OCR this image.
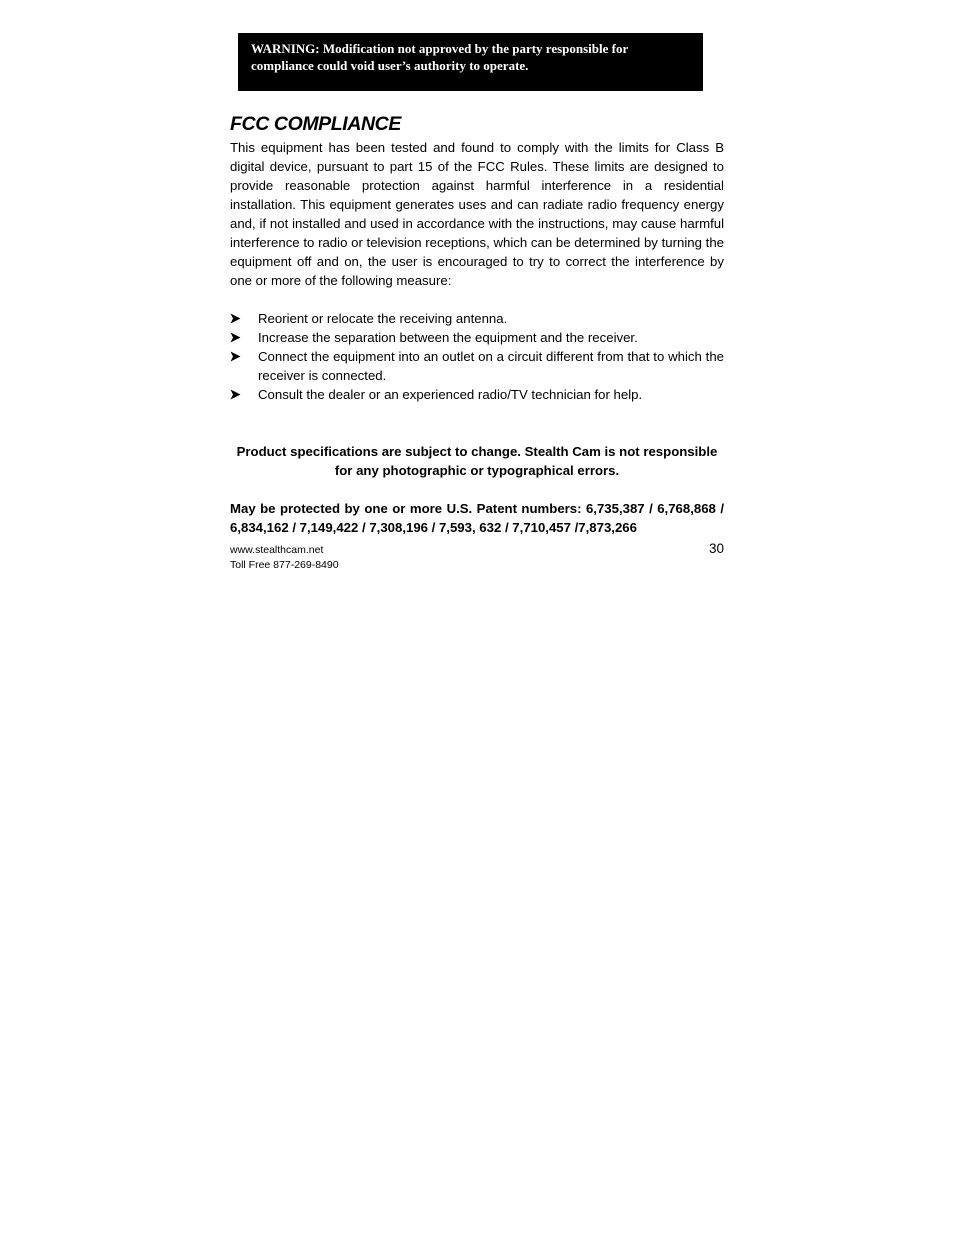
WARNING: Modification not approved by the party responsible for
compliance could void user’s authority to operate.
FCC COMPLIANCE

This equipment has been tested and found to comply with the limits for Class B digital device, pursuant to part 15 of the FCC Rules. These limits are designed to provide reasonable protection against harmful interference in a residential installation. This equipment generates uses and can radiate radio frequency energy and, if not installed and used in accordance with the instructions, may cause harmful interference to radio or television receptions, which can be determined by turning the equipment off and on, the user is encouraged to try to correct the interference by one or more of the following measure:

Reorient or relocate the receiving antenna.
Increase the separation between the equipment and the receiver.
Connect the equipment into an outlet on a circuit different from that to which the receiver is connected.
Consult the dealer or an experienced radio/TV technician for help.
Product specifications are subject to change. Stealth Cam is not responsible
for any photographic or typographical errors.

May be protected by one or more U.S. Patent numbers: 6,735,387 / 6,768,868 / 6,834,162 / 7,149,422 / 7,308,196 / 7,593, 632 / 7,710,457 /7,873,266

www.stealthcam.net
Toll Free 877-269-8490
30
